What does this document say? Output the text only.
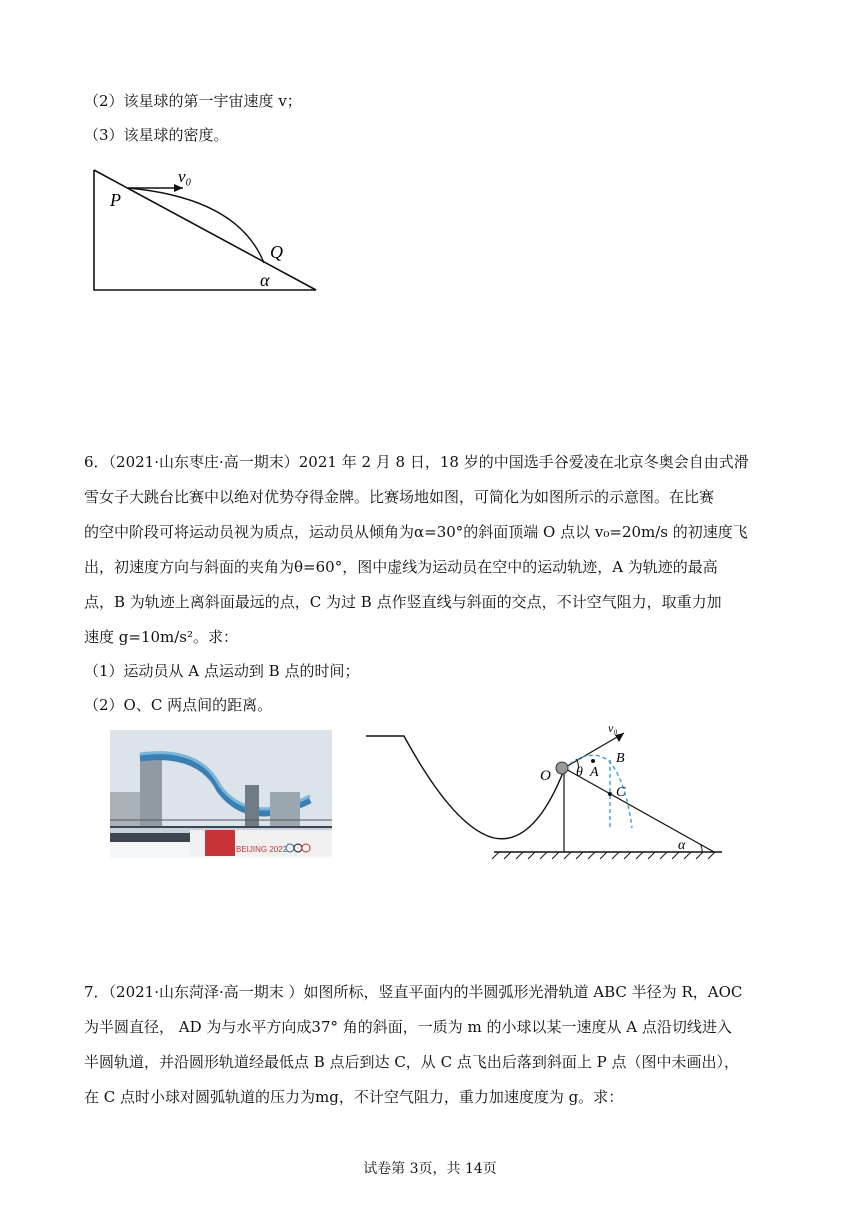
（2）该星球的第一宇宙速度 v；
（3）该星球的密度。
v₀
P
Q
α
6．（2021·山东枣庄·高一期末）2021 年 2 月 8 日，18 岁的中国选手谷爱凌在北京冬奥会自由式滑
雪女子大跳台比赛中以绝对优势夺得金牌。比赛场地如图，可简化为如图所示的示意图。在比赛
的空中阶段可将运动员视为质点，运动员从倾角为α=30°的斜面顶端 O 点以 v₀=20m/s 的初速度飞
出，初速度方向与斜面的夹角为θ=60°，图中虚线为运动员在空中的运动轨迹，A 为轨迹的最高
点，B 为轨迹上离斜面最远的点，C 为过 B 点作竖直线与斜面的交点，不计空气阻力，取重力加
速度 g=10m/s²。求：
（1）运动员从 A 点运动到 B 点的时间；
（2）O、C 两点间的距离。
BEIJING 2022
v₀
O θ A
B
C
α
7．（2021·山东菏泽·高一期末 ）如图所标，竖直平面内的半圆弧形光滑轨道 ABC 半径为 R，AOC
为半圆直径， AD 为与水平方向成37° 角的斜面，一质为 m 的小球以某一速度从 A 点沿切线进入
半圆轨道，并沿圆形轨道经最低点 B 点后到达 C，从 C 点飞出后落到斜面上 P 点（图中未画出），
在 C 点时小球对圆弧轨道的压力为mg，不计空气阻力，重力加速度度为 g。求：
试卷第 3页，共 14页
